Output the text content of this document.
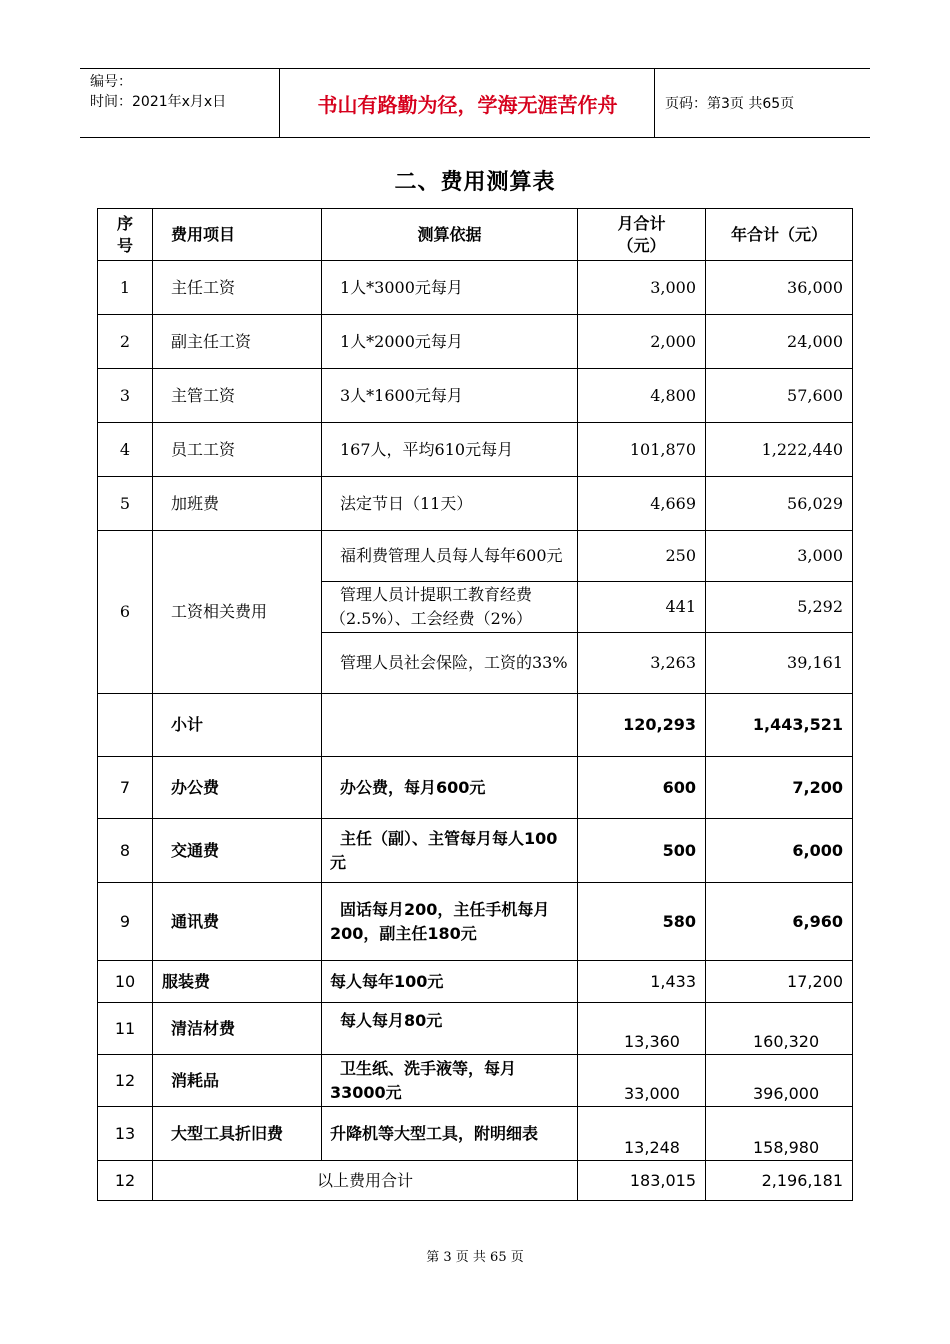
编号：
时间：2021年x月x日	书山有路勤为径，学海无涯苦作舟	页码：第3页 共65页
二、费用测算表
序号	费用项目	测算依据	月合计（元）	年合计（元）
1	主任工资	1人*3000元每月	3,000	36,000
2	副主任工资	1人*2000元每月	2,000	24,000
3	主管工资	3人*1600元每月	4,800	57,600
4	员工工资	167人，平均610元每月	101,870	1,222,440
5	加班费	法定节日（11天）	4,669	56,029
6	工资相关费用	福利费管理人员每人每年600元	250	3,000

		管理人员计提职工教育经费（2.5%）、工会经费（2%）	441	5,292

		管理人员社会保险，工资的33%	3,263	39,161
	小计		120,293	1,443,521
7	办公费	办公费，每月600元	600	7,200
8	交通费	主任（副）、主管每月每人100元	500	6,000
9	通讯费	固话每月200，主任手机每月200，副主任180元	580	6,960
10	服装费	每人每年100元	1,433	17,200
11	清洁材费	每人每月80元	13,360	160,320
12	消耗品	卫生纸、洗手液等，每月33000元	33,000	396,000
13	大型工具折旧费	升降机等大型工具，附明细表	13,248	158,980
12	以上费用合计		183,015	2,196,181
第 3 页 共 65 页
